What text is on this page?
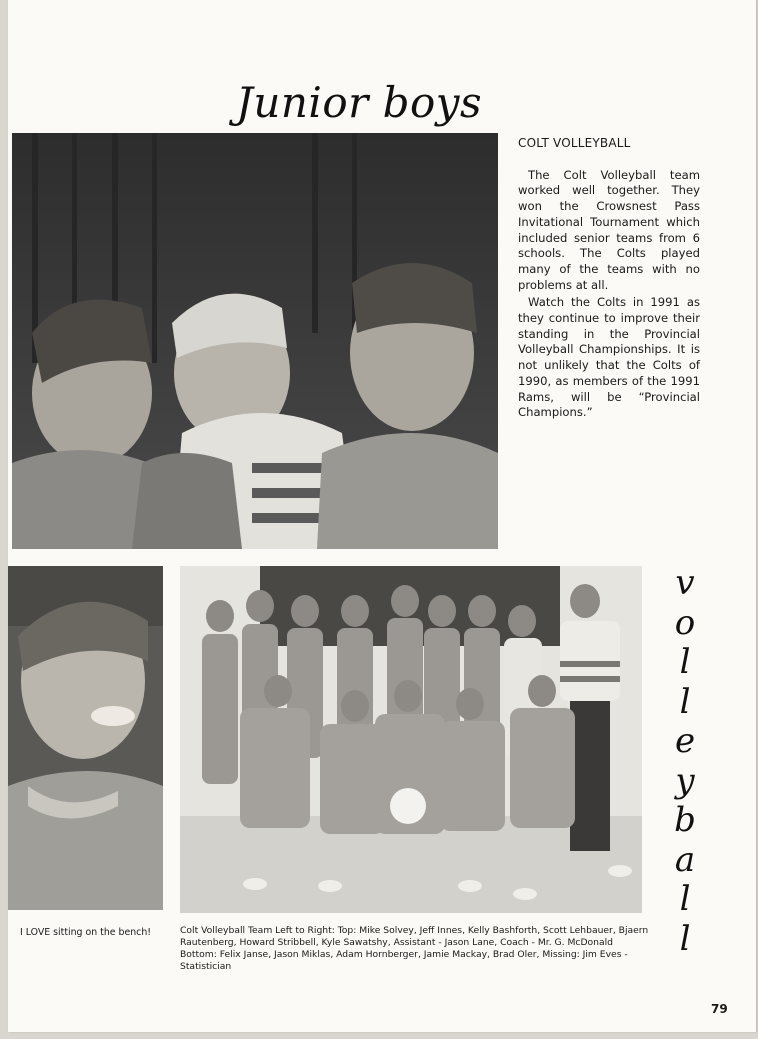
Junior boys
COLT VOLLEYBALL

The Colt Volleyball team worked well together. They won the Crowsnest Pass Invitational Tournament which included senior teams from 6 schools. The Colts played many of the teams with no problems at all.

Watch the Colts in 1991 as they continue to improve their standing in the Provincial Volleyball Championships. It is not unlikely that the Colts of 1990, as members of the 1991 Rams, will be “Provincial Champions.”

v
o
l
l
e
y
b
a
l
l
I LOVE sitting on the bench!	Colt Volleyball Team Left to Right: Top: Mike Solvey, Jeff Innes, Kelly Bashforth, Scott Lehbauer, Bjaern Rautenberg, Howard Stribbell, Kyle Sawatshy, Assistant - Jason Lane, Coach - Mr. G. McDonald Bottom: Felix Janse, Jason Miklas, Adam Hornberger, Jamie Mackay, Brad Oler, Missing: Jim Eves - Statistician
79
